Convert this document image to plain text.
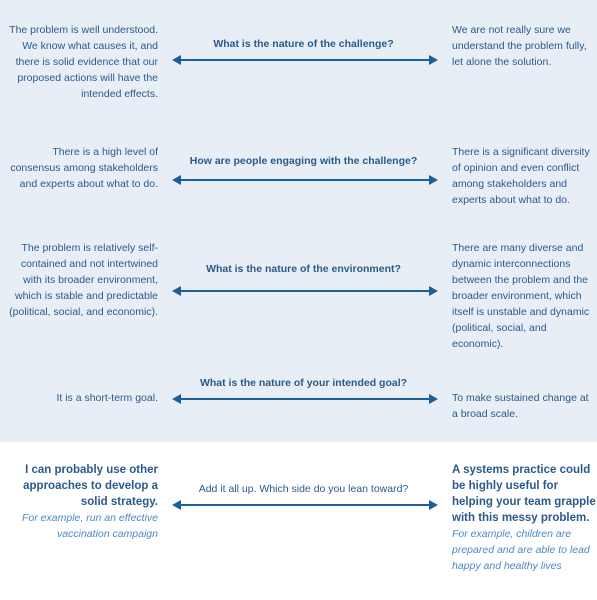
The problem is well understood. We know what causes it, and there is solid evidence that our proposed actions will have the intended effects.
What is the nature of the challenge?
We are not really sure we understand the problem fully, let alone the solution.
There is a high level of consensus among stakeholders and experts about what to do.
How are people engaging with the challenge?
There is a significant diversity of opinion and even conflict among stakeholders and experts about what to do.
The problem is relatively self-contained and not intertwined with its broader environment, which is stable and predictable (political, social, and economic).
What is the nature of the environment?
There are many diverse and dynamic interconnections between the problem and the broader environment, which itself is unstable and dynamic (political, social, and economic).
It is a short-term goal.
What is the nature of your intended goal?
To make sustained change at a broad scale.
I can probably use other approaches to develop a solid strategy.
For example, run an effective vaccination campaign
Add it all up. Which side do you lean toward?
A systems practice could be highly useful for helping your team grapple with this messy problem.
For example, children are prepared and are able to lead happy and healthy lives
